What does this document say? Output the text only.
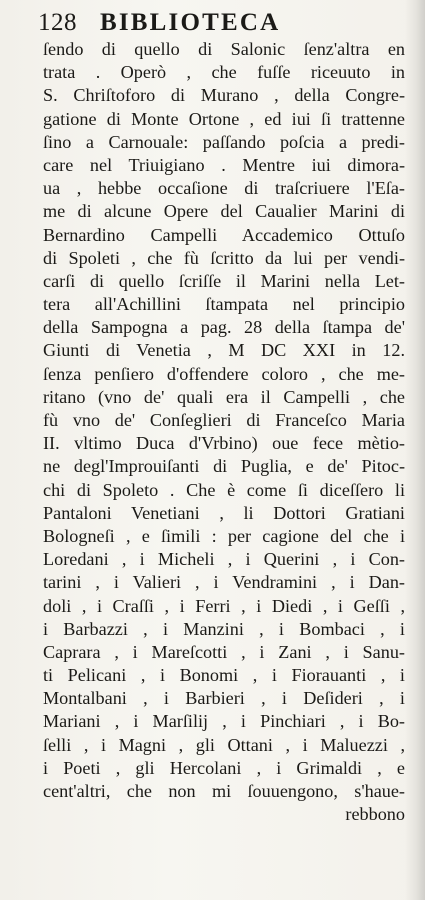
128 BIBLIOTECA
ſendo di quello di Salonic ſenz'altra en
trata . Operò , che fuſſe riceuuto in
S. Chriſtoforo di Murano , della Congre-
gatione di Monte Ortone , ed iui ſi trattenne
ſino a Carnouale: paſſando poſcia a predi-
care nel Triuigiano . Mentre iui dimora-
ua , hebbe occaſione di traſcriuere l'Eſa-
me di alcune Opere del Caualier Marini di
Bernardino Campelli Accademico Ottuſo
di Spoleti , che fù ſcritto da lui per vendi-
carſi di quello ſcriſſe il Marini nella Let-
tera all'Achillini ſtampata nel principio
della Sampogna a pag. 28 della ſtampa de'
Giunti di Venetia , M DC XXI in 12.
ſenza penſiero d'offendere coloro , che me-
ritano (vno de' quali era il Campelli , che
fù vno de' Conſeglieri di Franceſco Maria
II. vltimo Duca d'Vrbino) oue fece mètio-
ne degl'Improuiſanti di Puglia, e de' Pitoc-
chi di Spoleto . Che è come ſi diceſſero li
Pantaloni Venetiani , li Dottori Gratiani
Bologneſi , e ſimili : per cagione del che i
Loredani , i Micheli , i Querini , i Con-
tarini , i Valieri , i Vendramini , i Dan-
doli , i Craſſi , i Ferri , i Diedi , i Geſſi ,
i Barbazzi , i Manzini , i Bombaci , i
Caprara , i Mareſcotti , i Zani , i Sanu-
ti Pelicani , i Bonomi , i Fiorauanti , i
Montalbani , i Barbieri , i Deſideri , i
Mariani , i Marſilij , i Pinchiari , i Bo-
ſelli , i Magni , gli Ottani , i Maluezzi ,
i Poeti , gli Hercolani , i Grimaldi , e
cent'altri, che non mi ſouuengono, s'haue-
rebbono
